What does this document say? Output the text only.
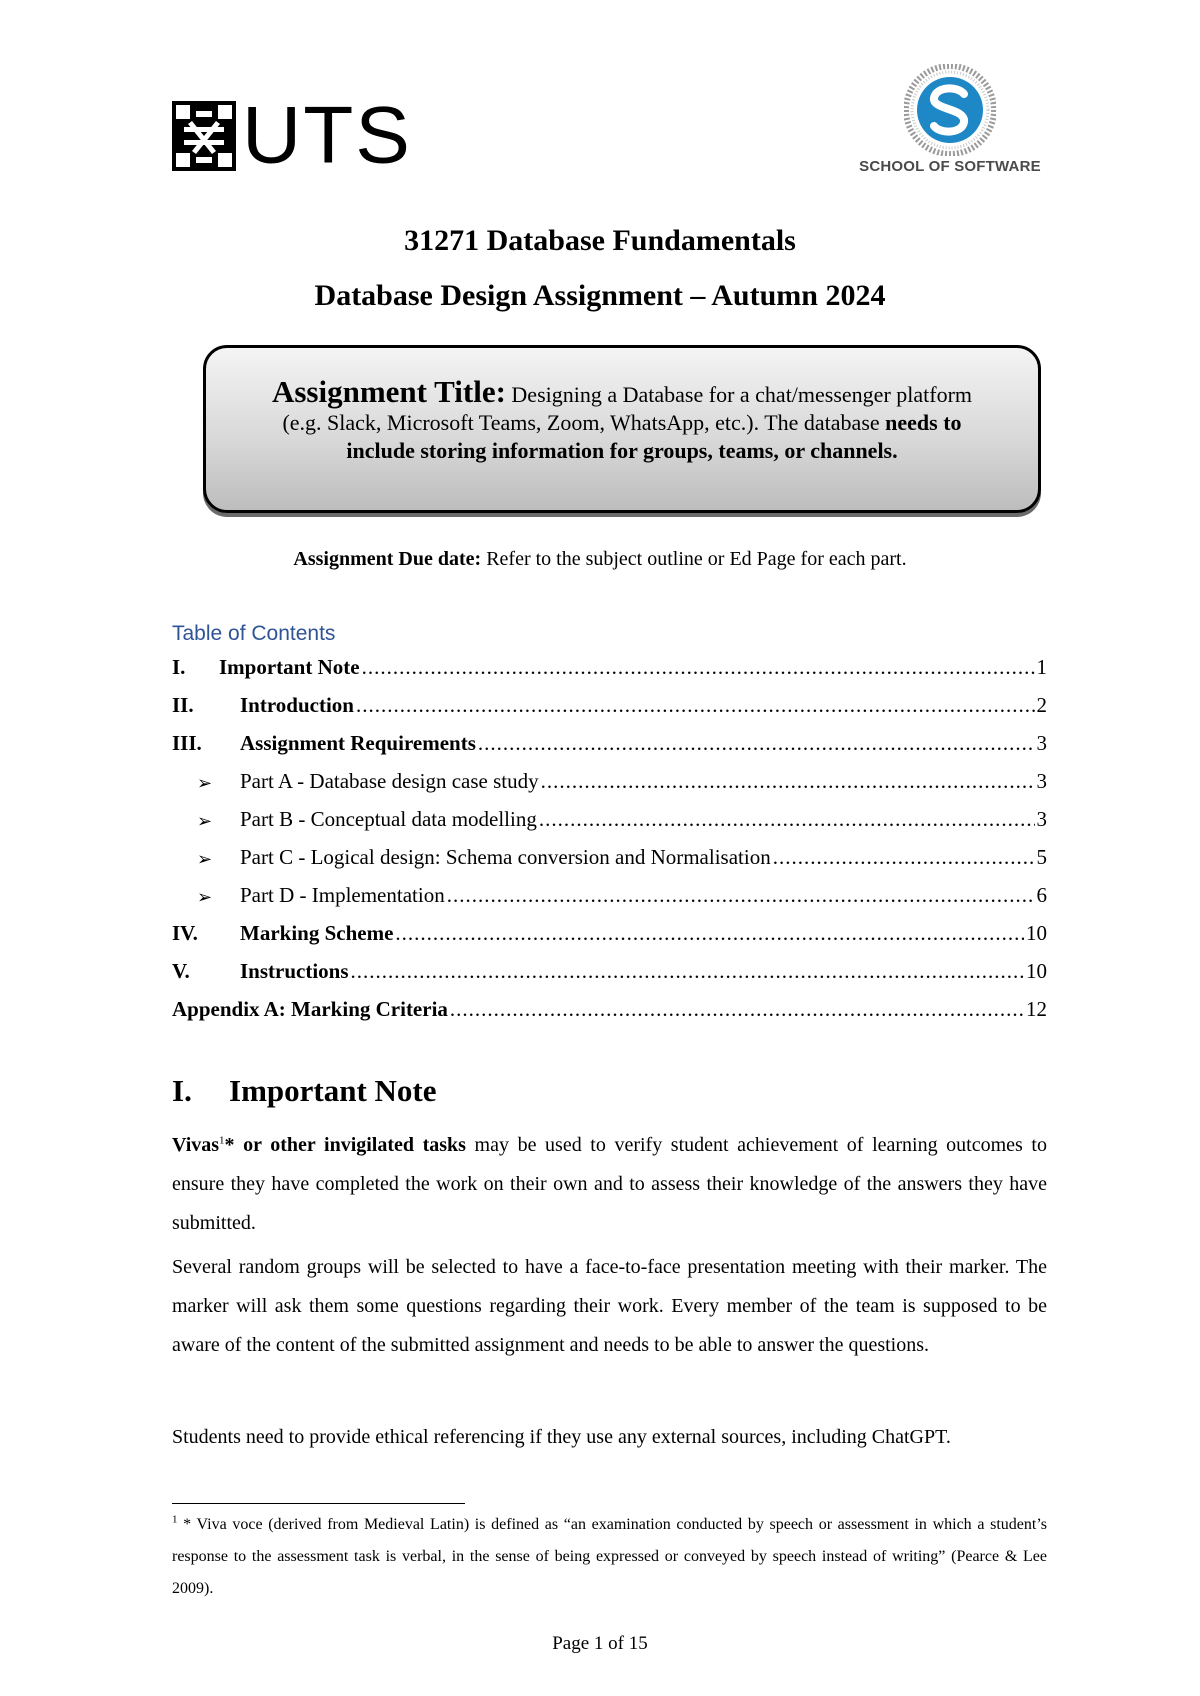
UTS	SCHOOL OF SOFTWARE
31271 Database Fundamentals
Database Design Assignment – Autumn 2024
Assignment Title: Designing a Database for a chat/messenger platform
(e.g. Slack, Microsoft Teams, Zoom, WhatsApp, etc.). The database needs to
include storing information for groups, teams, or channels.
Assignment Due date: Refer to the subject outline or Ed Page for each part.
Table of Contents
I.	Important Note .....	1
II.	Introduction .....	2
III.	Assignment Requirements .....	3
➢	Part A - Database design case study .....	3
➢	Part B - Conceptual data modelling .....	3
➢	Part C - Logical design: Schema conversion and Normalisation .....	5
➢	Part D - Implementation .....	6
IV.	Marking Scheme .....	10
V.	Instructions .....	10
Appendix A: Marking Criteria .....	12
I.	Important Note
Vivas$^1$* or other invigilated tasks may be used to verify student achievement of learning outcomes to ensure they have completed the work on their own and to assess their knowledge of the answers they have submitted.
Several random groups will be selected to have a face-to-face presentation meeting with their marker. The marker will ask them some questions regarding their work. Every member of the team is supposed to be aware of the content of the submitted assignment and needs to be able to answer the questions.
Students need to provide ethical referencing if they use any external sources, including ChatGPT.
$^1$ * Viva voce (derived from Medieval Latin) is defined as “an examination conducted by speech or assessment in which a student’s response to the assessment task is verbal, in the sense of being expressed or conveyed by speech instead of writing” (Pearce & Lee 2009).
Page 1 of 15
